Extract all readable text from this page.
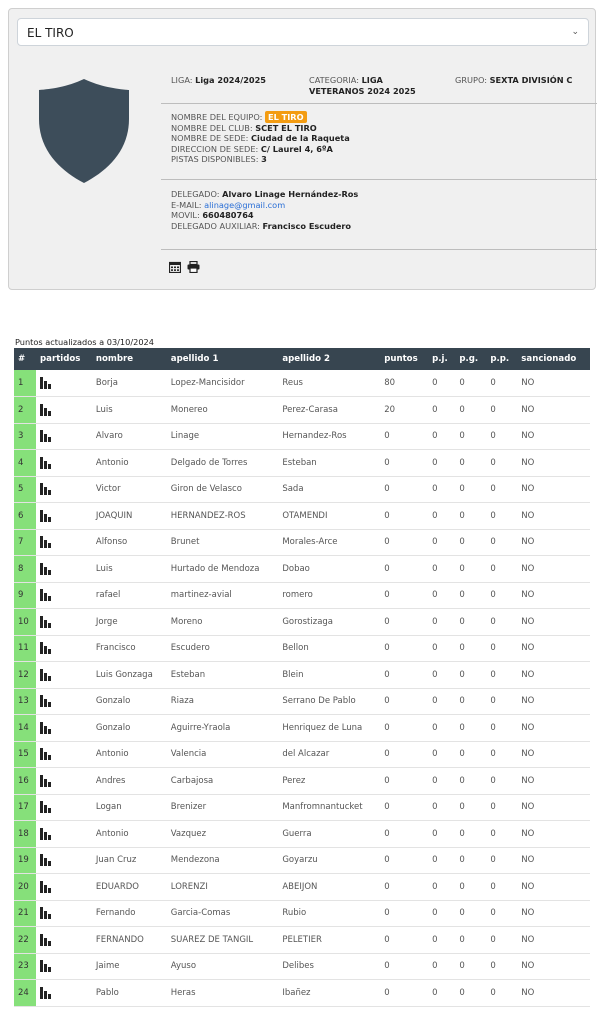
EL TIRO	⌄
LIGA: Liga 2024/2025	CATEGORIA: LIGA VETERANOS 2024 2025
GRUPO: SEXTA DIVISIÓN C
NOMBRE DEL EQUIPO: EL TIRO
NOMBRE DEL CLUB: SCET EL TIRO
NOMBRE DE SEDE: Ciudad de la Raqueta
DIRECCION DE SEDE: C/ Laurel 4, 6ºA
PISTAS DISPONIBLES: 3
DELEGADO: Alvaro Linage Hernández-Ros
E-MAIL: alinage@gmail.com
MOVIL: 660480764
DELEGADO AUXILIAR: Francisco Escudero

Puntos actualizados a 03/10/2024
#	partidos	nombre	apellido 1	apellido 2	puntos	p.j.	p.g.	p.p.	sancionado
1		Borja	Lopez-Mancisidor	Reus	80	0	0	0	NO
2		Luis	Monereo	Perez-Carasa	20	0	0	0	NO
3		Alvaro	Linage	Hernandez-Ros	0	0	0	0	NO
4		Antonio	Delgado de Torres	Esteban	0	0	0	0	NO
5		Victor	Giron de Velasco	Sada	0	0	0	0	NO
6		JOAQUIN	HERNANDEZ-ROS	OTAMENDI	0	0	0	0	NO
7		Alfonso	Brunet	Morales-Arce	0	0	0	0	NO
8		Luis	Hurtado de Mendoza	Dobao	0	0	0	0	NO
9		rafael	martinez-avial	romero	0	0	0	0	NO
10		Jorge	Moreno	Gorostizaga	0	0	0	0	NO
11		Francisco	Escudero	Bellon	0	0	0	0	NO
12		Luis Gonzaga	Esteban	Blein	0	0	0	0	NO
13		Gonzalo	Riaza	Serrano De Pablo	0	0	0	0	NO
14		Gonzalo	Aguirre-Yraola	Henriquez de Luna	0	0	0	0	NO
15		Antonio	Valencia	del Alcazar	0	0	0	0	NO
16		Andres	Carbajosa	Perez	0	0	0	0	NO
17		Logan	Brenizer	Manfromnantucket	0	0	0	0	NO
18		Antonio	Vazquez	Guerra	0	0	0	0	NO
19		Juan Cruz	Mendezona	Goyarzu	0	0	0	0	NO
20		EDUARDO	LORENZI	ABEIJON	0	0	0	0	NO
21		Fernando	Garcia-Comas	Rubio	0	0	0	0	NO
22		FERNANDO	SUAREZ DE TANGIL	PELETIER	0	0	0	0	NO
23		Jaime	Ayuso	Delibes	0	0	0	0	NO
24		Pablo	Heras	Ibañez	0	0	0	0	NO
